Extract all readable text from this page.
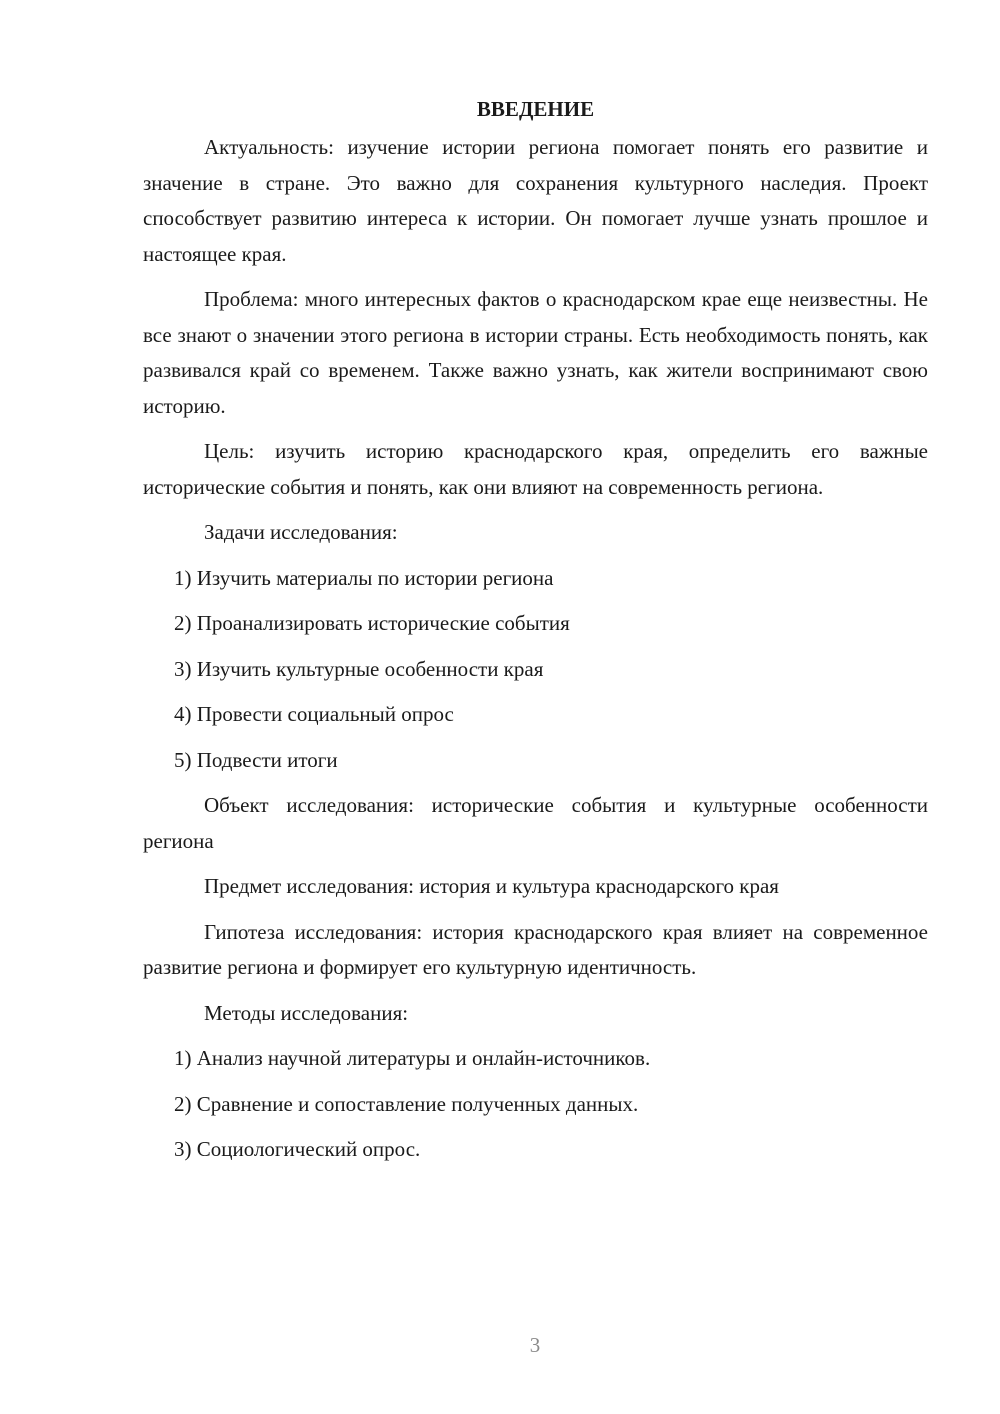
ВВЕДЕНИЕ
Актуальность: изучение истории региона помогает понять его развитие и значение в стране. Это важно для сохранения культурного наследия. Проект способствует развитию интереса к истории. Он помогает лучше узнать прошлое и настоящее края.
Проблема: много интересных фактов о краснодарском крае еще неизвестны. Не все знают о значении этого региона в истории страны. Есть необходимость понять, как развивался край со временем. Также важно узнать, как жители воспринимают свою историю.
Цель: изучить историю краснодарского края, определить его важные исторические события и понять, как они влияют на современность региона.
Задачи исследования:
1) Изучить материалы по истории региона
2) Проанализировать исторические события
3) Изучить культурные особенности края
4) Провести социальный опрос
5) Подвести итоги
Объект исследования: исторические события и культурные особенности региона
Предмет исследования: история и культура краснодарского края
Гипотеза исследования: история краснодарского края влияет на современное развитие региона и формирует его культурную идентичность.
Методы исследования:
1) Анализ научной литературы и онлайн-источников.
2) Сравнение и сопоставление полученных данных.
3) Социологический опрос.
3
